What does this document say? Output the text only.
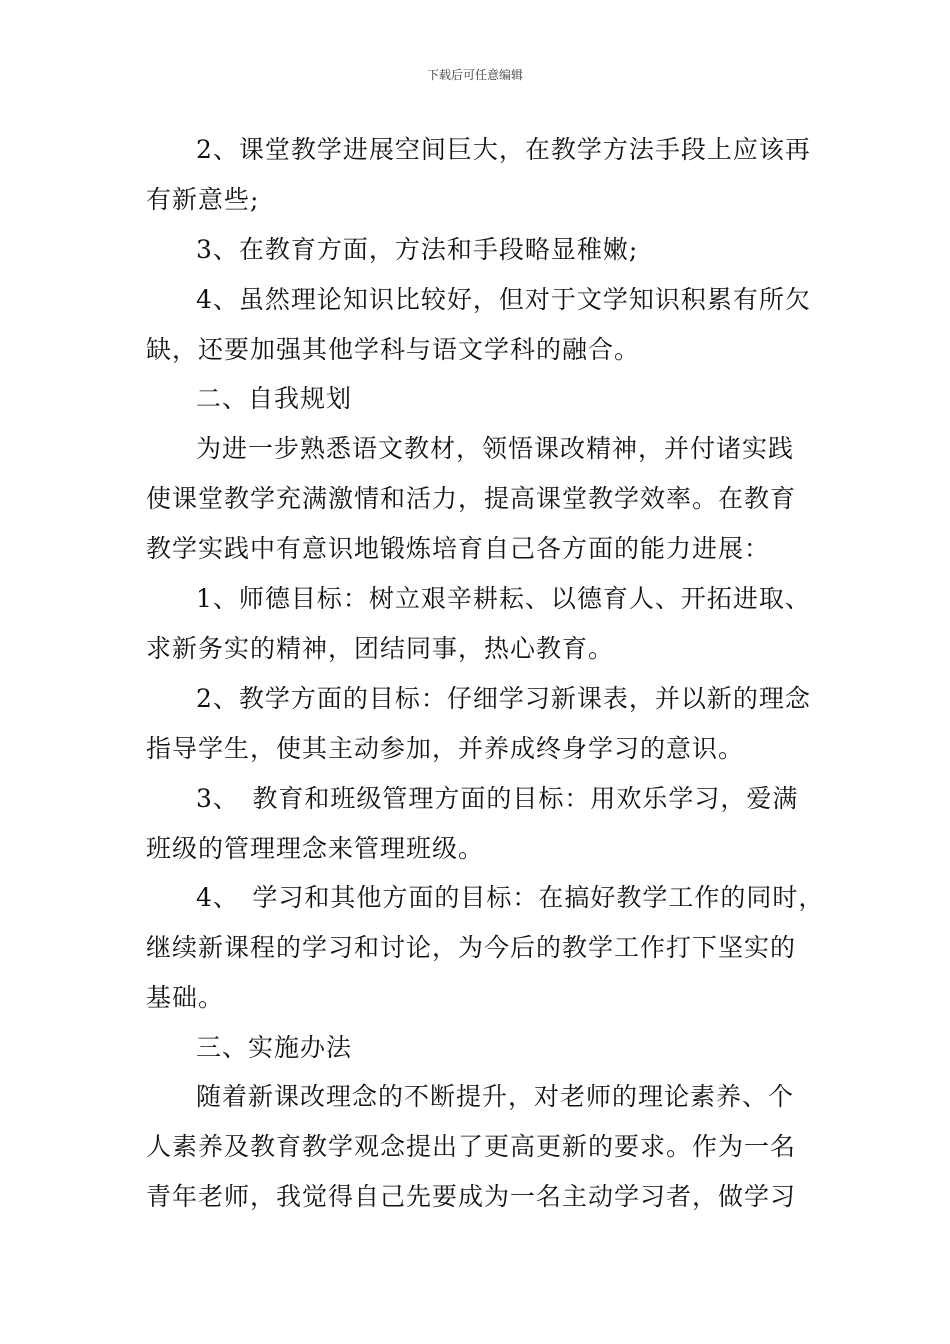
下载后可任意编辑
2、课堂教学进展空间巨大，在教学方法手段上应该再
有新意些;
3、在教育方面，方法和手段略显稚嫩;
4、虽然理论知识比较好，但对于文学知识积累有所欠
缺，还要加强其他学科与语文学科的融合。
二、自我规划
为进一步熟悉语文教材，领悟课改精神，并付诸实践
使课堂教学充满激情和活力，提高课堂教学效率。在教育
教学实践中有意识地锻炼培育自己各方面的能力进展：
1、师德目标：树立艰辛耕耘、以德育人、开拓进取、
求新务实的精神，团结同事，热心教育。
2、教学方面的目标：仔细学习新课表，并以新的理念
指导学生，使其主动参加，并养成终身学习的意识。
3、　教育和班级管理方面的目标：用欢乐学习，爱满
班级的管理理念来管理班级。
4、　学习和其他方面的目标：在搞好教学工作的同时，
继续新课程的学习和讨论，为今后的教学工作打下坚实的
基础。
三、实施办法
随着新课改理念的不断提升，对老师的理论素养、个
人素养及教育教学观念提出了更高更新的要求。作为一名
青年老师，我觉得自己先要成为一名主动学习者，做学习
